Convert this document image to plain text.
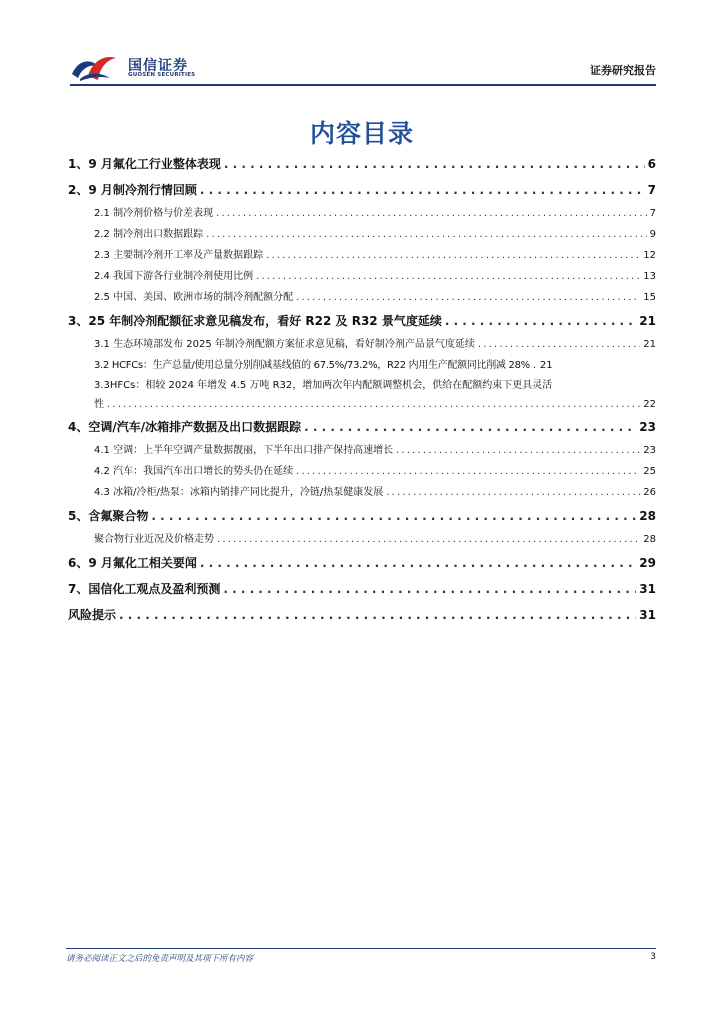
国信证券
GUOSEN SECURITIES	证券研究报告
内容目录
1、9 月氟化工行业整体表现 . . .	6
2、9 月制冷剂行情回顾 . . .	7
2.1 制冷剂价格与价差表现 . . .	7
2.2 制冷剂出口数据跟踪 . . .	9
2.3 主要制冷剂开工率及产量数据跟踪 . . .	12
2.4 我国下游各行业制冷剂使用比例 . . .	13
2.5 中国、美国、欧洲市场的制冷剂配额分配 . . .	15
3、25 年制冷剂配额征求意见稿发布，看好 R22 及 R32 景气度延续 . . .	21
3.1 生态环境部发布 2025 年制冷剂配额方案征求意见稿，看好制冷剂产品景气度延续 . . .	21
3.2 HCFCs：生产总量/使用总量分别削减基线值的 67.5%/73.2%，R22 内用生产配额同比削减 28% . . . 21
3.3HFCs：相较 2024 年增发 4.5 万吨 R32，增加两次年内配额调整机会，供给在配额约束下更具灵活
性 . . .	22
4、空调/汽车/冰箱排产数据及出口数据跟踪 . . .	23
4.1 空调：上半年空调产量数据靓丽，下半年出口排产保持高速增长 . . .	23
4.2 汽车：我国汽车出口增长的势头仍在延续 . . .	25
4.3 冰箱/冷柜/热泵：冰箱内销排产同比提升，冷链/热泵健康发展 . . .	26
5、含氟聚合物 . . .	28
聚合物行业近况及价格走势 . . .	28
6、9 月氟化工相关要闻 . . .	29
7、国信化工观点及盈利预测 . . .	31
风险提示 . . .	31
请务必阅读正文之后的免责声明及其项下所有内容	3
